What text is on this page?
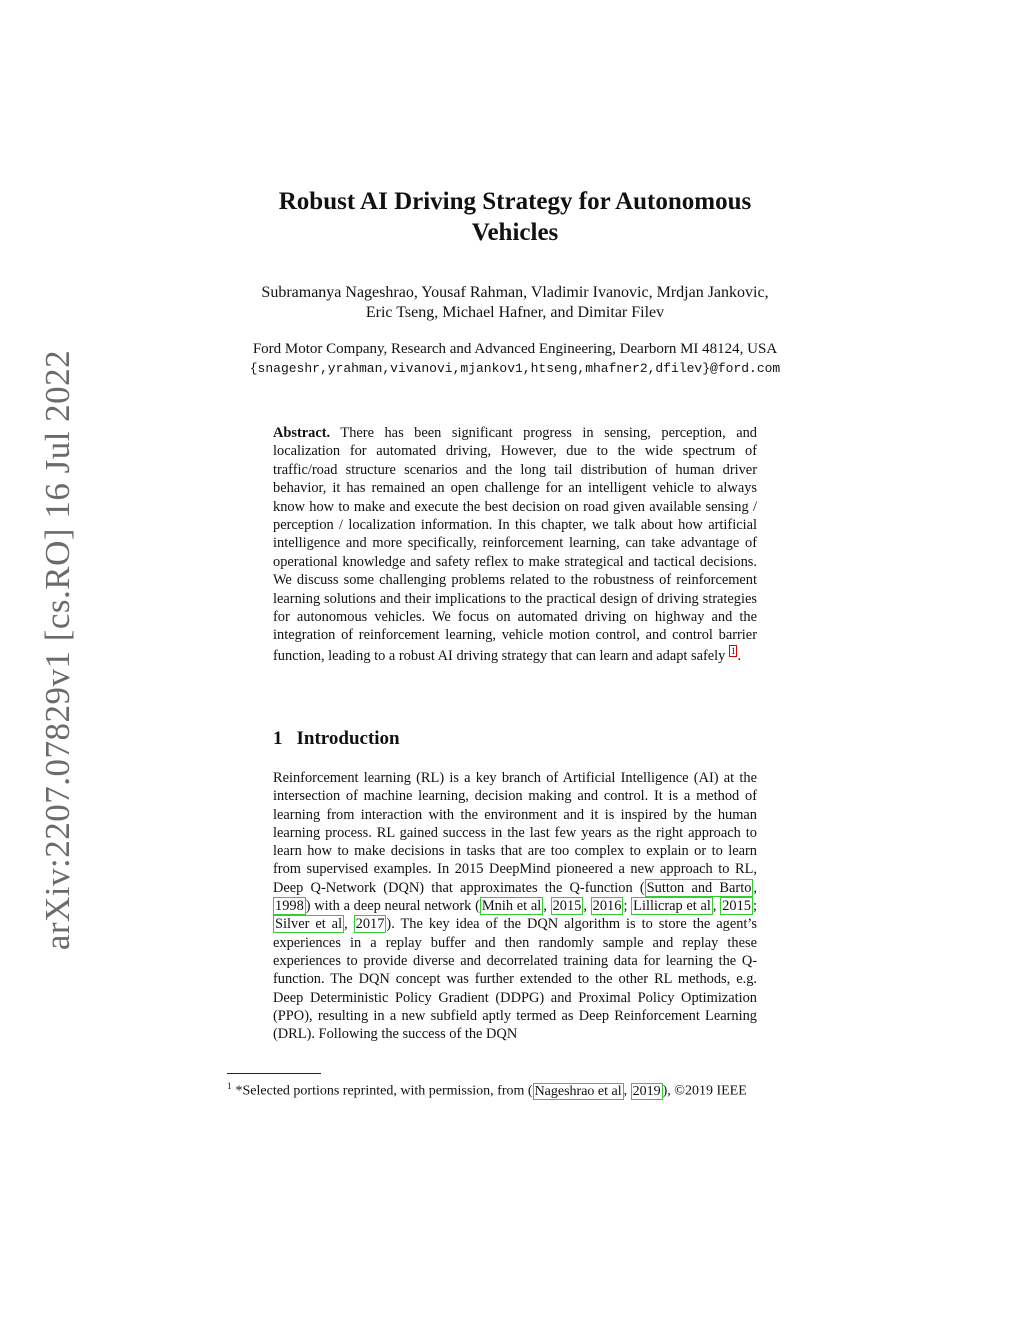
arXiv:2207.07829v1 [cs.RO] 16 Jul 2022
Robust AI Driving Strategy for Autonomous
Vehicles

Subramanya Nageshrao, Yousaf Rahman, Vladimir Ivanovic, Mrdjan Jankovic,
Eric Tseng, Michael Hafner, and Dimitar Filev

Ford Motor Company, Research and Advanced Engineering, Dearborn MI 48124, USA
{snageshr,yrahman,vivanovi,mjankov1,htseng,mhafner2,dfilev}@ford.com

Abstract. There has been significant progress in sensing, perception, and localization for automated driving, However, due to the wide spectrum of traffic/road structure scenarios and the long tail distribution of human driver behavior, it has remained an open challenge for an intelligent vehicle to always know how to make and execute the best decision on road given available sensing / perception / localization information. In this chapter, we talk about how artificial intelligence and more specifically, reinforcement learning, can take advantage of operational knowledge and safety reflex to make strategical and tactical decisions. We discuss some challenging problems related to the robustness of reinforcement learning solutions and their implications to the practical design of driving strategies for autonomous vehicles. We focus on automated driving on highway and the integration of reinforcement learning, vehicle motion control, and control barrier function, leading to a robust AI driving strategy that can learn and adapt safely 1 .

1 Introduction

Reinforcement learning (RL) is a key branch of Artificial Intelligence (AI) at the intersection of machine learning, decision making and control. It is a method of learning from interaction with the environment and it is inspired by the human learning process. RL gained success in the last few years as the right approach to learn how to make decisions in tasks that are too complex to explain or to learn from supervised examples. In 2015 DeepMind pioneered a new approach to RL, Deep Q-Network (DQN) that approximates the Q-function ( Sutton and Barto , 1998 ) with a deep neural network ( Mnih et al , 2015 , 2016 ; Lillicrap et al , 2015 ; Silver et al , 2017 ). The key idea of the DQN algorithm is to store the agent’s experiences in a replay buffer and then randomly sample and replay these experiences to provide diverse and decorrelated training data for learning the Q-function. The DQN concept was further extended to the other RL methods, e.g. Deep Deterministic Policy Gradient (DDPG) and Proximal Policy Optimization (PPO), resulting in a new subfield aptly termed as Deep Reinforcement Learning (DRL). Following the success of the DQN

$^1$ *Selected portions reprinted, with permission, from ( Nageshrao et al , 2019 ), ©2019 IEEE
